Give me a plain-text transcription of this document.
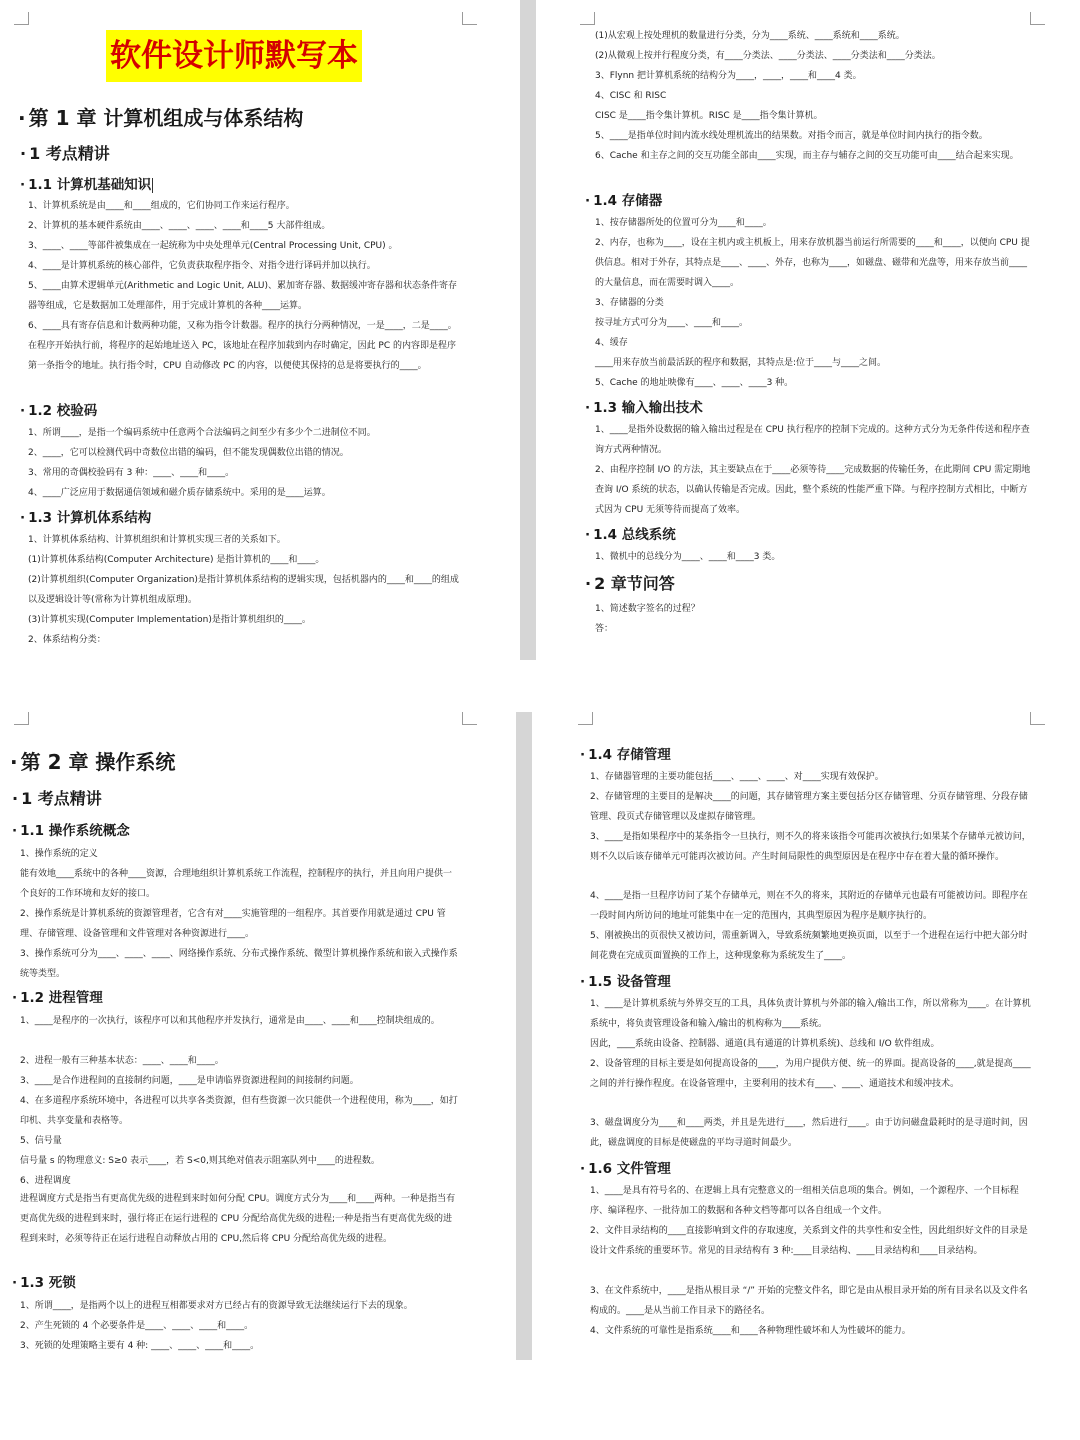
软件设计师默写本
· 第 1 章 计算机组成与体系结构
· 1 考点精讲
· 1.1 计算机基础知识
1、计算机系统是由____和____组成的，它们协同工作来运行程序。
2、计算机的基本硬件系统由____、____、____、____和____5 大部件组成。
3、____、____等部件被集成在一起统称为中央处理单元(Central Processing Unit, CPU) 。
4、____是计算机系统的核心部件，它负责获取程序指令、对指令进行译码并加以执行。
5、____由算术逻辑单元(Arithmetic and Logic Unit, ALU)、累加寄存器、数据缓冲寄存器和状态条件寄存器等组成，它是数据加工处理部件，用于完成计算机的各种____运算。
6、____具有寄存信息和计数两种功能，又称为指令计数器。程序的执行分两种情况，一是____，二是____。在程序开始执行前，将程序的起始地址送入 PC，该地址在程序加载到内存时确定，因此 PC 的内容即是程序第一条指令的地址。执行指令时，CPU 自动修改 PC 的内容，以便使其保持的总是将要执行的____。
· 1.2 校验码
1、所谓____，是指一个编码系统中任意两个合法编码之间至少有多少个二进制位不同。
2、____，它可以检测代码中奇数位出错的编码，但不能发现偶数位出错的情况。
3、常用的奇偶校验码有 3 种：____、____和____。
4、____广泛应用于数据通信领域和磁介质存储系统中。采用的是____运算。
· 1.3 计算机体系结构
1、计算机体系结构、计算机组织和计算机实现三者的关系如下。
(1)计算机体系结构(Computer Architecture) 是指计算机的____和____。
(2)计算机组织(Computer Organization)是指计算机体系结构的逻辑实现，包括机器内的____和____的组成以及逻辑设计等(常称为计算机组成原理)。
(3)计算机实现(Computer Implementation)是指计算机组织的____。
2、体系结构分类：
(1)从宏观上按处理机的数量进行分类，分为____系统、____系统和____系统。
(2)从微观上按并行程度分类，有____分类法、____分类法、____分类法和____分类法。
3、Flynn 把计算机系统的结构分为____，____，____和____4 类。
4、CISC 和 RISC
CISC 是____指令集计算机。RISC 是____指令集计算机。
5、____是指单位时间内流水线处理机流出的结果数。对指令而言，就是单位时间内执行的指令数。
6、Cache 和主存之间的交互功能全部由____实现，而主存与辅存之间的交互功能可由____结合起来实现。
· 1.4 存储器
1、按存储器所处的位置可分为____和____。
2、内存，也称为____，设在主机内或主机板上，用来存放机器当前运行所需要的____和____，以便向 CPU 提供信息。相对于外存，其特点是____、____、外存，也称为____，如磁盘、磁带和光盘等，用来存放当前____的大量信息，而在需要时调入____。
3、存储器的分类
按寻址方式可分为____、____和____。
4、缓存
____用来存放当前最活跃的程序和数据，其特点是:位于____与____之间。
5、Cache 的地址映像有____、____、____3 种。
· 1.3 输入输出技术
1、____是指外设数据的输入输出过程是在 CPU 执行程序的控制下完成的。这种方式分为无条件传送和程序查询方式两种情况。
2、由程序控制 I/O 的方法，其主要缺点在于____必须等待____完成数据的传输任务，在此期间 CPU 需定期地查询 I/O 系统的状态，以确认传输是否完成。因此，整个系统的性能严重下降。与程序控制方式相比，中断方式因为 CPU 无须等待而提高了效率。
· 1.4 总线系统
1、微机中的总线分为____、____和____3 类。
· 2 章节问答
1、简述数字签名的过程？
答：
· 第 2 章 操作系统
· 1 考点精讲
· 1.1 操作系统概念
1、操作系统的定义
能有效地____系统中的各种____资源，合理地组织计算机系统工作流程，控制程序的执行，并且向用户提供一个良好的工作环境和友好的接口。
2、操作系统是计算机系统的资源管理者，它含有对____实施管理的一组程序。其首要作用就是通过 CPU 管理、存储管理、设备管理和文件管理对各种资源进行____。
3、操作系统可分为____、____、____、网络操作系统、分布式操作系统、微型计算机操作系统和嵌入式操作系统等类型。
· 1.2 进程管理
1、____是程序的一次执行，该程序可以和其他程序并发执行，通常是由____、____和____控制块组成的。
2、进程一般有三种基本状态：____、____和____。
3、____是合作进程间的直接制约问题，____是申请临界资源进程间的间接制约问题。
4、在多道程序系统环境中，各进程可以共享各类资源，但有些资源一次只能供一个进程使用，称为____，如打印机、共享变量和表格等。
5、信号量
信号量 s 的物理意义: S≥0 表示____，若 S<0,则其绝对值表示阻塞队列中____的进程数。
6、进程调度
进程调度方式是指当有更高优先级的进程到来时如何分配 CPU。调度方式分为____和____两种。一种是指当有更高优先级的进程到来时，强行将正在运行进程的 CPU 分配给高优先级的进程;一种是指当有更高优先级的进程到来时，必须等待正在运行进程自动释放占用的 CPU,然后将 CPU 分配给高优先级的进程。
· 1.3 死锁
1、所谓____，是指两个以上的进程互相都要求对方已经占有的资源导致无法继续运行下去的现象。
2、产生死锁的 4 个必要条件是____、____、____和____。
3、死锁的处理策略主要有 4 种: ____、____、____和____。
· 1.4 存储管理
1、存储器管理的主要功能包括____、____、____、对____实现有效保护。
2、存储管理的主要目的是解决____的问题，其存储管理方案主要包括分区存储管理、分页存储管理、分段存储管理、段页式存储管理以及虚拟存储管理。
3、____是指如果程序中的某条指令一旦执行，则不久的将来该指令可能再次被执行;如果某个存储单元被访问，则不久以后该存储单元可能再次被访问。产生时间局限性的典型原因是在程序中存在着大量的循环操作。
4、____是指一旦程序访问了某个存储单元，则在不久的将来，其附近的存储单元也最有可能被访问。即程序在一段时间内所访问的地址可能集中在一定的范围内，其典型原因为程序是顺序执行的。
5、刚被换出的页很快又被访问，需重新调入，导致系统频繁地更换页面，以至于一个进程在运行中把大部分时间花费在完成页面置换的工作上，这种现象称为系统发生了____。
· 1.5 设备管理
1、____是计算机系统与外界交互的工具，具体负责计算机与外部的输入/输出工作，所以常称为____。在计算机系统中，将负责管理设备和输入/输出的机构称为____系统。
因此，____系统由设备、控制器、通道(具有通道的计算机系统)、总线和 I/O 软件组成。
2、设备管理的目标主要是如何提高设备的____，为用户提供方便、统一的界面。提高设备的____,就是提高____之间的并行操作程度。在设备管理中，主要利用的技术有____、____、通道技术和缓冲技术。
3、磁盘调度分为____和____两类，并且是先进行____，然后进行____。由于访问磁盘最耗时的是寻道时间，因此，磁盘调度的目标是使磁盘的平均寻道时间最少。
· 1.6 文件管理
1、____是具有符号名的、在逻辑上具有完整意义的一组相关信息项的集合。例如，一个源程序、一个目标程序、编译程序、一批待加工的数据和各种文档等都可以各自组成一个文件。
2、文件目录结构的____直接影响到文件的存取速度，关系到文件的共享性和安全性，因此组织好文件的目录是设计文件系统的重要环节。常见的目录结构有 3 种:____目录结构、____目录结构和____目录结构。
3、在文件系统中，____是指从根目录 “/” 开始的完整文件名，即它是由从根目录开始的所有目录名以及文件名构成的。____是从当前工作目录下的路径名。
4、文件系统的可靠性是指系统____和____各种物理性破坏和人为性破坏的能力。
